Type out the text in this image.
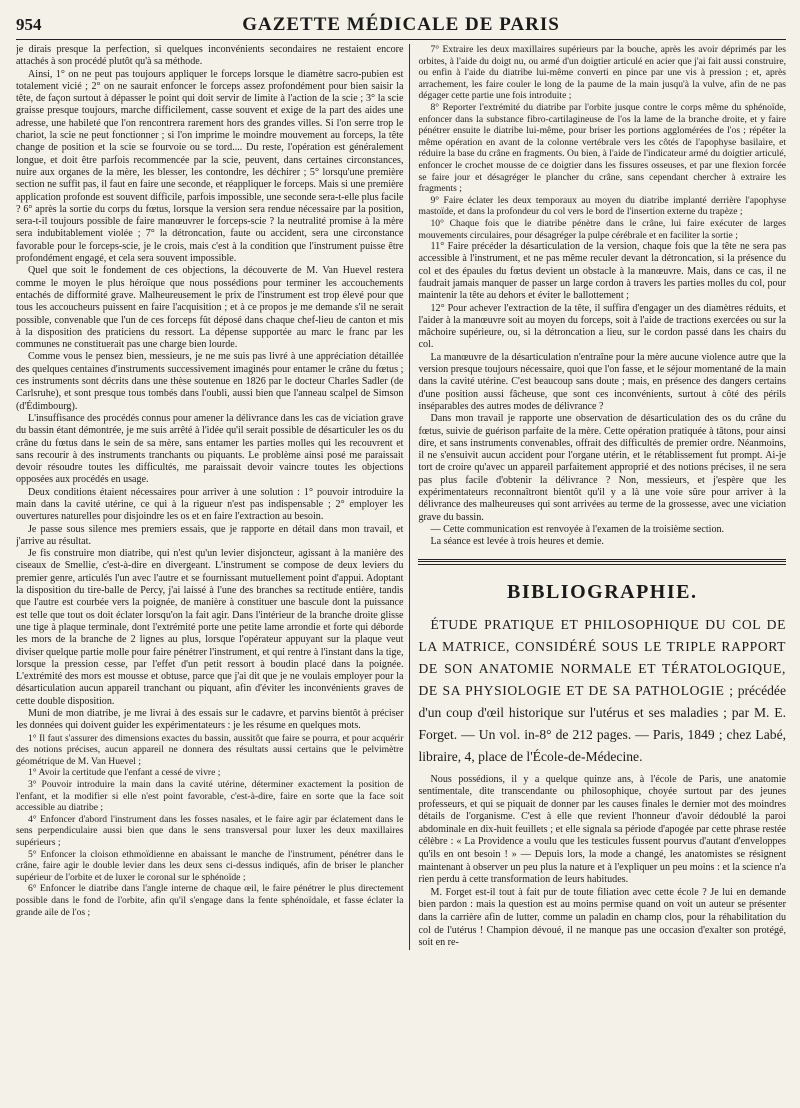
954	GAZETTE MÉDICALE DE PARIS

je dirais presque la perfection, si quelques inconvénients secondaires ne restaient encore attachés à son procédé plutôt qu'à sa méthode.

Ainsi, 1° on ne peut pas toujours appliquer le forceps lorsque le diamètre sacro-pubien est totalement vicié ; 2° on ne saurait enfoncer le forceps assez profondément pour bien saisir la tête, de façon surtout à dépasser le point qui doit servir de limite à l'action de la scie ; 3° la scie graisse presque toujours, marche difficilement, casse souvent et exige de la part des aides une adresse, une habileté que l'on rencontrera rarement hors des grandes villes. Si l'on serre trop le chariot, la scie ne peut fonctionner ; si l'on imprime le moindre mouvement au forceps, la tête change de position et la scie se fourvoie ou se tord.... Du reste, l'opération est généralement longue, et doit être parfois recommencée par la scie, peuvent, dans certaines circonstances, nuire aux organes de la mère, les blesser, les contondre, les déchirer ; 5° lorsqu'une première section ne suffit pas, il faut en faire une seconde, et réappliquer le forceps. Mais si une première application profonde est souvent difficile, parfois impossible, une seconde sera-t-elle plus facile ? 6° après la sortie du corps du fœtus, lorsque la version sera rendue nécessaire par la position, sera-t-il toujours possible de faire manœuvrer le forceps-scie ? la neutralité promise à la mère sera indubitablement violée ; 7° la détroncation, faute ou accident, sera une circonstance favorable pour le forceps-scie, je le crois, mais c'est à la condition que l'instrument puisse être profondément engagé, et cela sera souvent impossible.

Quel que soit le fondement de ces objections, la découverte de M. Van Huevel restera comme le moyen le plus héroïque que nous possédions pour terminer les accouchements entachés de difformité grave. Malheureusement le prix de l'instrument est trop élevé pour que tous les accoucheurs puissent en faire l'acquisition ; et à ce propos je me demande s'il ne serait possible, convenable que l'un de ces forceps fût déposé dans chaque chef-lieu de canton et mis à la disposition des praticiens du ressort. La dépense supportée au marc le franc par les communes ne constituerait pas une charge bien lourde.

Comme vous le pensez bien, messieurs, je ne me suis pas livré à une appréciation détaillée des quelques centaines d'instruments successivement imaginés pour entamer le crâne du fœtus ; ces instruments sont décrits dans une thèse soutenue en 1826 par le docteur Charles Sadler (de Carlsruhe), et sont presque tous tombés dans l'oubli, aussi bien que l'anneau scalpel de Simson (d'Édimbourg).

L'insuffisance des procédés connus pour amener la délivrance dans les cas de viciation grave du bassin étant démontrée, je me suis arrêté à l'idée qu'il serait possible de désarticuler les os du crâne du fœtus dans le sein de sa mère, sans entamer les parties molles qui les recouvrent et sans recourir à des instruments tranchants ou piquants. Le problème ainsi posé me paraissait devoir résoudre toutes les difficultés, me paraissait devoir vaincre toutes les objections opposées aux procédés en usage.

Deux conditions étaient nécessaires pour arriver à une solution : 1° pouvoir introduire la main dans la cavité utérine, ce qui à la rigueur n'est pas indispensable ; 2° employer les ouvertures naturelles pour disjoindre les os et en faire l'extraction au besoin.

Je passe sous silence mes premiers essais, que je rapporte en détail dans mon travail, et j'arrive au résultat.

Je fis construire mon diatribe, qui n'est qu'un levier disjoncteur, agissant à la manière des ciseaux de Smellie, c'est-à-dire en divergeant. L'instrument se compose de deux leviers du premier genre, articulés l'un avec l'autre et se fournissant mutuellement point d'appui. Adoptant la disposition du tire-balle de Percy, j'ai laissé à l'une des branches sa rectitude entière, tandis que l'autre est courbée vers la poignée, de manière à constituer une bascule dont la puissance est telle que tout os doit éclater lorsqu'on la fait agir. Dans l'intérieur de la branche droite glisse une tige à plaque terminale, dont l'extrémité porte une petite lame arrondie et forte qui déborde les mors de la branche de 2 lignes au plus, lorsque l'opérateur appuyant sur la plaque veut diviser quelque partie molle pour faire pénétrer l'instrument, et qui rentre à l'instant dans la tige, lorsque la pression cesse, par l'effet d'un petit ressort à boudin placé dans la poignée. L'extrémité des mors est mousse et obtuse, parce que j'ai dit que je ne voulais employer pour la désarticulation aucun appareil tranchant ou piquant, afin d'éviter les inconvénients graves de cette double disposition.

Muni de mon diatribe, je me livrai à des essais sur le cadavre, et parvins bientôt à préciser les données qui doivent guider les expérimentateurs : je les résume en quelques mots.

1° Il faut s'assurer des dimensions exactes du bassin, aussitôt que faire se pourra, et pour acquérir des notions précises, aucun appareil ne donnera des résultats aussi certains que le pelvimètre géométrique de M. Van Huevel ;

1° Avoir la certitude que l'enfant a cessé de vivre ;

3° Pouvoir introduire la main dans la cavité utérine, déterminer exactement la position de l'enfant, et la modifier si elle n'est point favorable, c'est-à-dire, faire en sorte que la face soit accessible au diatribe ;

4° Enfoncer d'abord l'instrument dans les fosses nasales, et le faire agir par éclatement dans le sens perpendiculaire aussi bien que dans le sens transversal pour luxer les deux maxillaires supérieurs ;

5° Enfoncer la cloison ethmoïdienne en abaissant le manche de l'instrument, pénétrer dans le crâne, faire agir le double levier dans les deux sens ci-dessus indiqués, afin de briser le plancher supérieur de l'orbite et de luxer le coronal sur le sphénoïde ;

6° Enfoncer le diatribe dans l'angle interne de chaque œil, le faire pénétrer le plus directement possible dans le fond de l'orbite, afin qu'il s'engage dans la fente sphénoïdale, et fasse éclater la grande aile de l'os ;

7° Extraire les deux maxillaires supérieurs par la bouche, après les avoir déprimés par les orbites, à l'aide du doigt nu, ou armé d'un doigtier articulé en acier que j'ai fait aussi construire, ou enfin à l'aide du diatribe lui-même converti en pince par une vis à pression ; et, après arrachement, les faire couler le long de la paume de la main jusqu'à la vulve, afin de ne pas dégager cette partie une fois introduite ;

8° Reporter l'extrémité du diatribe par l'orbite jusque contre le corps même du sphénoïde, enfoncer dans la substance fibro-cartilagineuse de l'os la lame de la branche droite, et y faire pénétrer ensuite le diatribe lui-même, pour briser les portions agglomérées de l'os ; répéter la même opération en avant de la colonne vertébrale vers les côtés de l'apophyse basilaire, et réduire la base du crâne en fragments. Ou bien, à l'aide de l'indicateur armé du doigtier articulé, enfoncer le crochet mousse de ce doigtier dans les fissures osseuses, et par une flexion forcée se faire jour et désagréger le plancher du crâne, sans cependant chercher à extraire les fragments ;

9° Faire éclater les deux temporaux au moyen du diatribe implanté derrière l'apophyse mastoïde, et dans la profondeur du col vers le bord de l'insertion externe du trapèze ;

10° Chaque fois que le diatribe pénètre dans le crâne, lui faire exécuter de larges mouvements circulaires, pour désagréger la pulpe cérébrale et en faciliter la sortie ;

11° Faire précéder la désarticulation de la version, chaque fois que la tête ne sera pas accessible à l'instrument, et ne pas même reculer devant la détroncation, si la présence du col et des épaules du fœtus devient un obstacle à la manœuvre. Mais, dans ce cas, il ne faudrait jamais manquer de passer un large cordon à travers les parties molles du col, pour maintenir la tête au dehors et éviter le ballottement ;

12° Pour achever l'extraction de la tête, il suffira d'engager un des diamètres réduits, et l'aider à la manœuvre soit au moyen du forceps, soit à l'aide de tractions exercées ou sur la mâchoire supérieure, ou, si la détroncation a lieu, sur le cordon passé dans les chairs du col.

La manœuvre de la désarticulation n'entraîne pour la mère aucune violence autre que la version presque toujours nécessaire, quoi que l'on fasse, et le séjour momentané de la main dans la cavité utérine. C'est beaucoup sans doute ; mais, en présence des dangers certains d'une position aussi fâcheuse, que sont ces inconvénients, surtout à côté des périls inséparables des autres modes de délivrance ?

Dans mon travail je rapporte une observation de désarticulation des os du crâne du fœtus, suivie de guérison parfaite de la mère. Cette opération pratiquée à tâtons, pour ainsi dire, et sans instruments convenables, offrait des difficultés de premier ordre. Néanmoins, il ne s'ensuivit aucun accident pour l'organe utérin, et le rétablissement fut prompt. Ai-je tort de croire qu'avec un appareil parfaitement approprié et des notions précises, il ne sera pas plus facile d'obtenir la délivrance ? Non, messieurs, et j'espère que les expérimentateurs reconnaîtront bientôt qu'il y a là une voie sûre pour arriver à la délivrance des malheureuses qui sont arrivées au terme de la grossesse, avec une viciation grave du bassin.

— Cette communication est renvoyée à l'examen de la troisième section.

La séance est levée à trois heures et demie.

BIBLIOGRAPHIE.

ÉTUDE PRATIQUE ET PHILOSOPHIQUE DU COL DE LA MATRICE, CONSIDÉRÉ SOUS LE TRIPLE RAPPORT DE SON ANATOMIE NORMALE ET TÉRATOLOGIQUE, DE SA PHYSIOLOGIE ET DE SA PATHOLOGIE ; précédée d'un coup d'œil historique sur l'utérus et ses maladies ; par M. E. Forget. — Un vol. in-8° de 212 pages. — Paris, 1849 ; chez Labé, libraire, 4, place de l'École-de-Médecine.

Nous possédions, il y a quelque quinze ans, à l'école de Paris, une anatomie sentimentale, dite transcendante ou philosophique, choyée surtout par des jeunes professeurs, et qui se piquait de donner par les causes finales le dernier mot des moindres détails de l'organisme. C'est à elle que revient l'honneur d'avoir dédoublé la paroi abdominale en dix-huit feuillets ; et elle signala sa période d'apogée par cette phrase restée célèbre : « La Providence a voulu que les testicules fussent pourvus d'autant d'enveloppes qu'ils en ont besoin ! » — Depuis lors, la mode a changé, les anatomistes se résignent maintenant à observer un peu plus la nature et à l'expliquer un peu moins : et la science n'a rien perdu à cette transformation de leurs habitudes.

M. Forget est-il tout à fait pur de toute filiation avec cette école ? Je lui en demande bien pardon : mais la question est au moins permise quand on voit un auteur se présenter dans la carrière afin de lutter, comme un paladin en champ clos, pour la réhabilitation du col de l'utérus ! Champion dévoué, il ne manque pas une occasion d'exalter son protégé, soit en re-
